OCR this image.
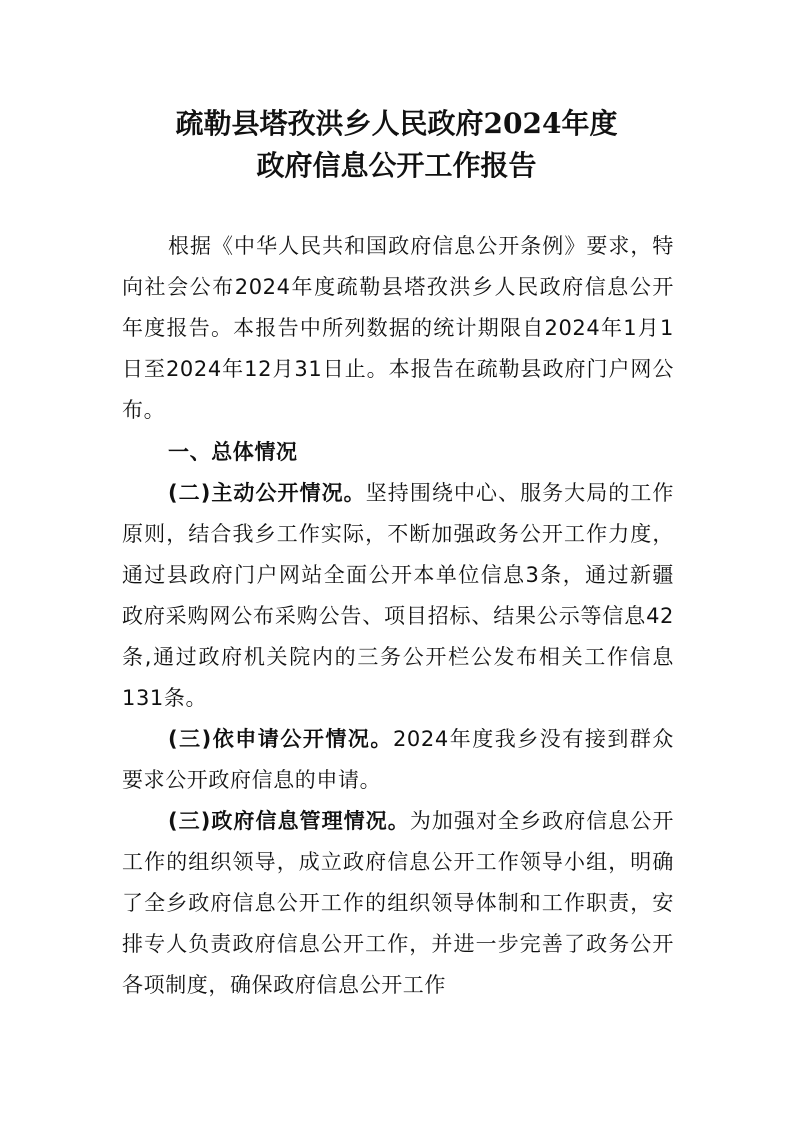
疏勒县塔孜洪乡人民政府2024年度
政府信息公开工作报告

根据《中华人民共和国政府信息公开条例》要求，特向社会公布2024年度疏勒县塔孜洪乡人民政府信息公开年度报告。本报告中所列数据的统计期限自2024年1月1日至2024年12月31日止。本报告在疏勒县政府门户网公布。

一、总体情况

(二)主动公开情况。坚持围绕中心、服务大局的工作原则，结合我乡工作实际，不断加强政务公开工作力度，通过县政府门户网站全面公开本单位信息3条，通过新疆政府采购网公布采购公告、项目招标、结果公示等信息42条,通过政府机关院内的三务公开栏公发布相关工作信息131条。

(三)依申请公开情况。2024年度我乡没有接到群众要求公开政府信息的申请。

(三)政府信息管理情况。为加强对全乡政府信息公开工作的组织领导，成立政府信息公开工作领导小组，明确了全乡政府信息公开工作的组织领导体制和工作职责，安排专人负责政府信息公开工作，并进一步完善了政务公开各项制度，确保政府信息公开工作
